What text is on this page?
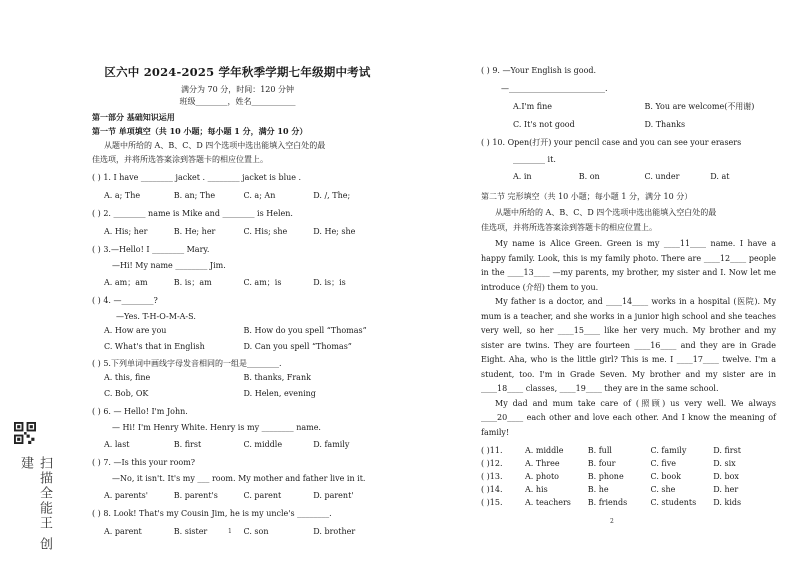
区六中 2024-2025 学年秋季学期七年级期中考试
满分为 70 分，时间：120 分钟
班级________，姓名___________
第一部分 基础知识运用
第一节 单项填空（共 10 小题；每小题 1 分，满分 10 分）
从题中所给的 A、B、C、D 四个选项中选出能填入空白处的最
佳选项，并将所选答案涂到答题卡的相应位置上。
( ) 1. I have ________ jacket . ________ jacket is blue .
A. a; The	B. an; The	C. a; An	D. /, The;
( ) 2. ________ name is Mike and ________ is Helen.
A. His; her	B. He; her	C. His; she	D. He; she
( ) 3.—Hello! I ________ Mary.
—Hi! My name ________ Jim.
A. am；am	B. is；am	C. am；is	D. is；is
( ) 4. —________?
—Yes. T-H-O-M-A-S.
A. How are you	B. How do you spell “Thomas”
C. What's that in English	D. Can you spell “Thomas”
( ) 5.下列单词中画线字母发音相同的一组是________.
A. this, fine	B. thanks, Frank
C. Bob, OK	D. Helen, evening
( ) 6. — Hello! I'm John.
— Hi! I'm Henry White. Henry is my ________ name.
A. last	B. first	C. middle	D. family
( ) 7. —Is this your room?
—No, it isn't. It's my ___ room. My mother and father live in it.
A. parents'	B. parent's	C. parent	D. parent'
( ) 8. Look! That's my Cousin Jim, he is my uncle's ________.
A. parent	B. sister	C. son	D. brother
扫描全能王 创建
1
( ) 9. —Your English is good.
—________________________.
A.I'm fine	B. You are welcome(不用谢)
C. It's not good	D. Thanks
( ) 10. Open(打开) your pencil case and you can see your erasers
________ it.
A. in	B. on	C. under	D. at
第二节 完形填空（共 10 小题；每小题 1 分，满分 10 分）
从题中所给的 A、B、C、D 四个选项中选出能填入空白处的最
佳选项，并将所选答案涂到答题卡的相应位置上。
My name is Alice Green. Green is my ____11____ name. I have a happy family. Look, this is my family photo. There are ____12____ people in the ____13____ —my parents, my brother, my sister and I. Now let me introduce (介绍) them to you.
My father is a doctor, and ____14____ works in a hospital (医院). My mum is a teacher, and she works in a junior high school and she teaches very well, so her ____15____ like her very much. My brother and my sister are twins. They are fourteen ____16____ and they are in Grade Eight. Aha, who is the little girl? This is me. I ____17____ twelve. I'm a student, too. I'm in Grade Seven. My brother and my sister are in ____18____ classes, ____19____ they are in the same school.
My dad and mum take care of (照顾) us very well. We always ____20____ each other and love each other. And I know the meaning of family!
( )11.	A. middle	B. full	C. family	D. first
( )12.	A. Three	B. four	C. five	D. six
( )13.	A. photo	B. phone	C. book	D. box
( )14.	A. his	B. he	C. she	D. her
( )15.	A. teachers	B. friends	C. students	D. kids
2
